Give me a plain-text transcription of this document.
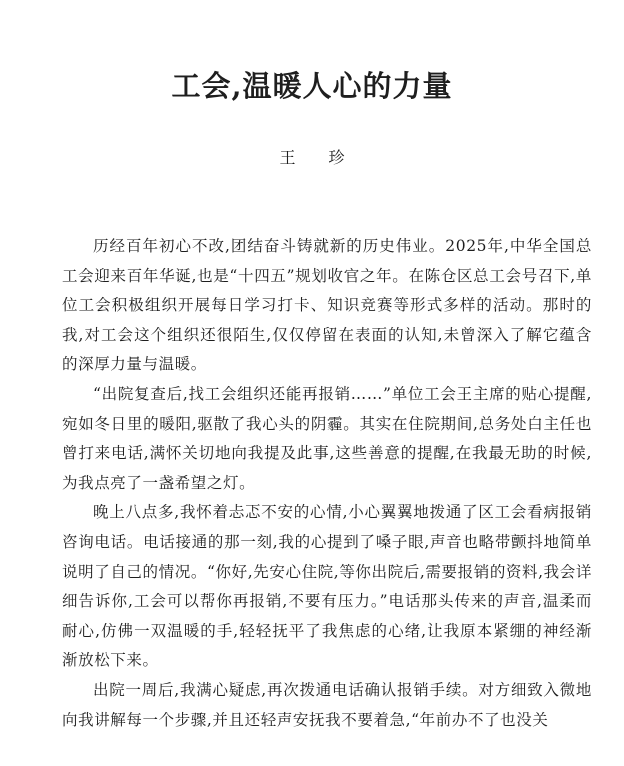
工会,温暖人心的力量
王 珍

历经百年初心不改,团结奋斗铸就新的历史伟业。2025年,中华全国总工会迎来百年华诞,也是“十四五”规划收官之年。在陈仓区总工会号召下,单位工会积极组织开展每日学习打卡、知识竞赛等形式多样的活动。那时的我,对工会这个组织还很陌生,仅仅停留在表面的认知,未曾深入了解它蕴含的深厚力量与温暖。

“出院复查后,找工会组织还能再报销……”单位工会王主席的贴心提醒,宛如冬日里的暖阳,驱散了我心头的阴霾。其实在住院期间,总务处白主任也曾打来电话,满怀关切地向我提及此事,这些善意的提醒,在我最无助的时候,为我点亮了一盏希望之灯。

晚上八点多,我怀着忐忑不安的心情,小心翼翼地拨通了区工会看病报销咨询电话。电话接通的那一刻,我的心提到了嗓子眼,声音也略带颤抖地简单说明了自己的情况。“你好,先安心住院,等你出院后,需要报销的资料,我会详细告诉你,工会可以帮你再报销,不要有压力。”电话那头传来的声音,温柔而耐心,仿佛一双温暖的手,轻轻抚平了我焦虑的心绪,让我原本紧绷的神经渐渐放松下来。

出院一周后,我满心疑虑,再次拨通电话确认报销手续。对方细致入微地向我讲解每一个步骤,并且还轻声安抚我不要着急,“年前办不了也没关
